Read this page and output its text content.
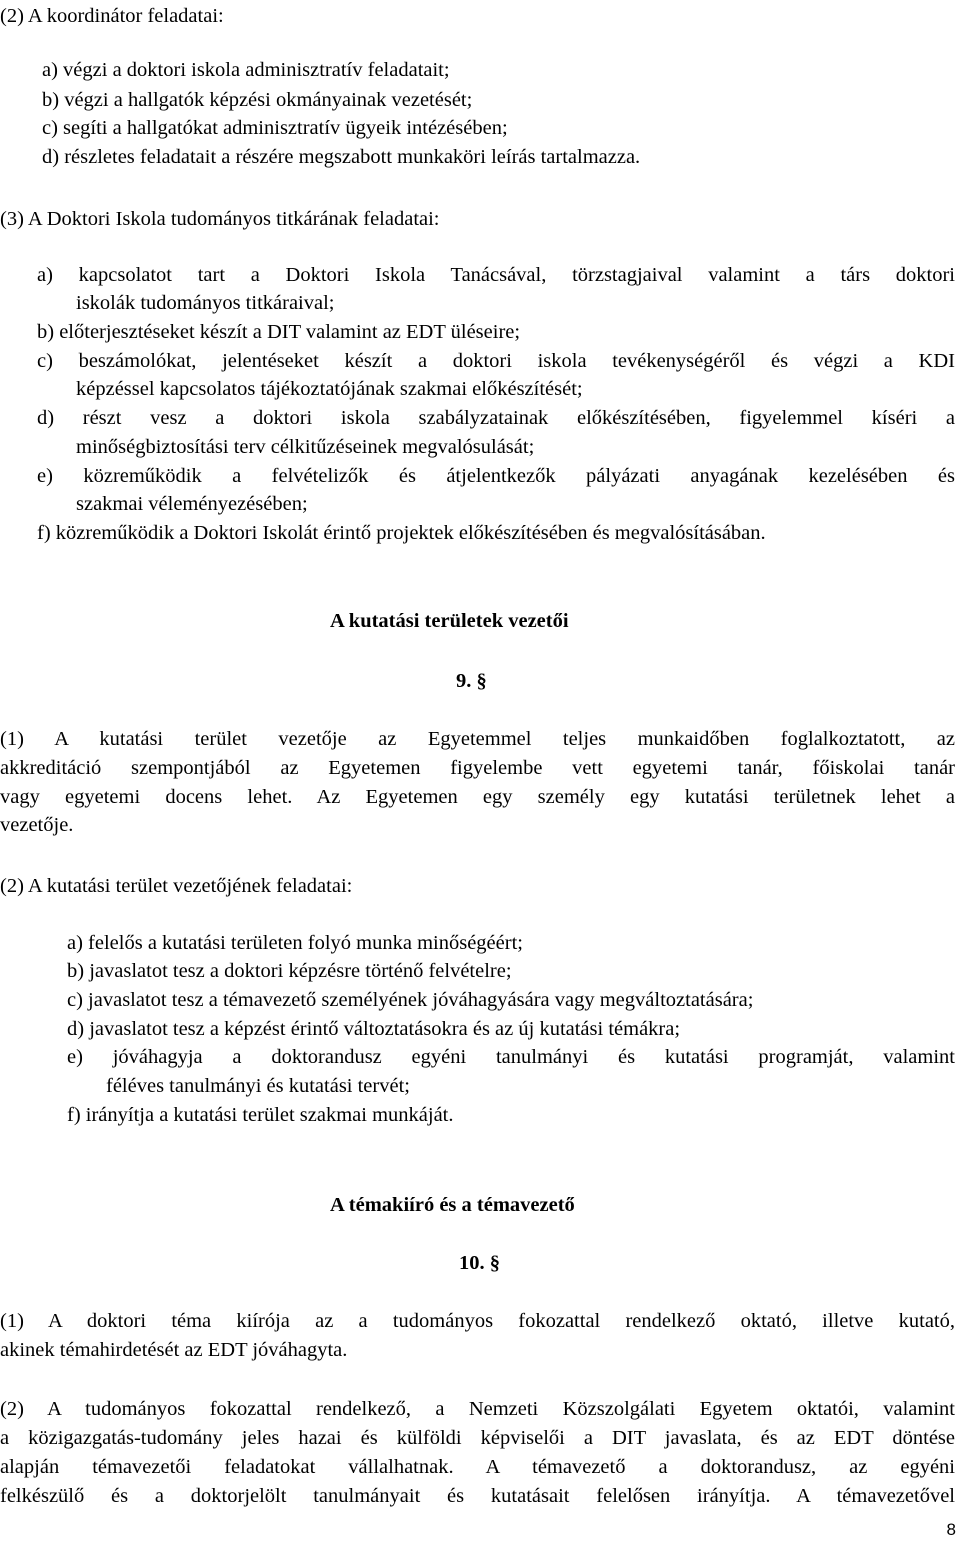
(2) A koordinátor feladatai:
a) végzi a doktori iskola adminisztratív feladatait;
b) végzi a hallgatók képzési okmányainak vezetését;
c) segíti a hallgatókat adminisztratív ügyeik intézésében;
d) részletes feladatait a részére megszabott munkaköri leírás tartalmazza.
(3) A Doktori Iskola tudományos titkárának feladatai:
a) kapcsolatot tart a Doktori Iskola Tanácsával, törzstagjaival valamint a társ doktori
iskolák tudományos titkáraival;
b) előterjesztéseket készít a DIT valamint az EDT üléseire;
c) beszámolókat, jelentéseket készít a doktori iskola tevékenységéről és végzi a KDI
képzéssel kapcsolatos tájékoztatójának szakmai előkészítését;
d) részt vesz a doktori iskola szabályzatainak előkészítésében, figyelemmel kíséri a
minőségbiztosítási terv célkitűzéseinek megvalósulását;
e) közreműködik a felvételizők és átjelentkezők pályázati anyagának kezelésében és
szakmai véleményezésében;
f) közreműködik a Doktori Iskolát érintő projektek előkészítésében és megvalósításában.
A kutatási területek vezetői
9. §
(1) A kutatási terület vezetője az Egyetemmel teljes munkaidőben foglalkoztatott, az
akkreditáció szempontjából az Egyetemen figyelembe vett egyetemi tanár, főiskolai tanár
vagy egyetemi docens lehet. Az Egyetemen egy személy egy kutatási területnek lehet a
vezetője.
(2) A kutatási terület vezetőjének feladatai:
a) felelős a kutatási területen folyó munka minőségéért;
b) javaslatot tesz a doktori képzésre történő felvételre;
c) javaslatot tesz a témavezető személyének jóváhagyására vagy megváltoztatására;
d) javaslatot tesz a képzést érintő változtatásokra és az új kutatási témákra;
e) jóváhagyja a doktorandusz egyéni tanulmányi és kutatási programját, valamint
féléves tanulmányi és kutatási tervét;
f) irányítja a kutatási terület szakmai munkáját.
A témakiíró és a témavezető
10. §
(1) A doktori téma kiírója az a tudományos fokozattal rendelkező oktató, illetve kutató,
akinek témahirdetését az EDT jóváhagyta.
(2) A tudományos fokozattal rendelkező, a Nemzeti Közszolgálati Egyetem oktatói, valamint
a közigazgatás-tudomány jeles hazai és külföldi képviselői a DIT javaslata, és az EDT döntése
alapján témavezetői feladatokat vállalhatnak. A témavezető a doktorandusz, az egyéni
felkészülő és a doktorjelölt tanulmányait és kutatásait felelősen irányítja. A témavezetővel
8
